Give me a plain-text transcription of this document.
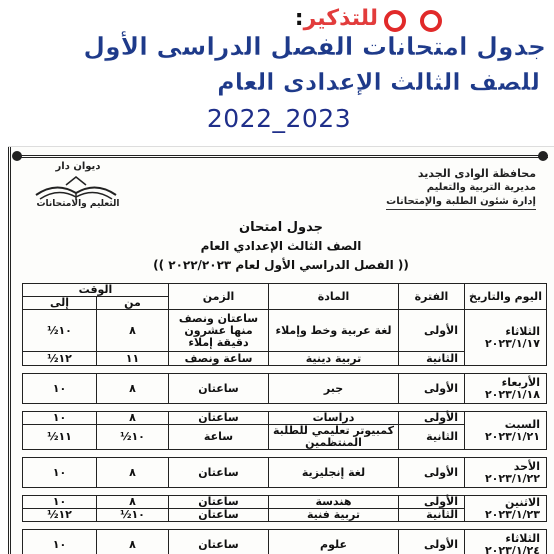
للتذكير:
جدول امتحانات الفصل الدراسى الأول
للصف الثالث الإعدادى العام
2022_2023
محافظة الوادى الجديد
مديرية التربية والتعليم
إدارة شئون الطلبة والإمتحانات
ديوان دار
التعليم والامتحانات
جدول امتحان
الصف الثالث الإعدادي العام
(( الفصل الدراسي الأول لعام ٢٠٢٢/٢٠٢٣ ))
اليوم والتاريخ	الفترة	المادة	الزمن	الوقت	
				من	إلى
الثلاثاء
٢٠٢٣/١/١٧	الأولى	لغة عربية وخط وإملاء	ساعتان ونصف منها عشرون دقيقة إملاء	٨	١٠½
	الثانية	تربية دينية	ساعة ونصف	١١	١٢½

الأربعاء
٢٠٢٣/١/١٨	الأولى	جبر	ساعتان	٨	١٠

السبت
٢٠٢٣/١/٢١	الأولى	دراسات	ساعتان	٨	١٠
	الثانية	كمبيوتر تعليمي للطلبة المنتظمين	ساعة	١٠½	١١½

الأحد
٢٠٢٣/١/٢٢	الأولى	لغة إنجليزية	ساعتان	٨	١٠

الاثنين
٢٠٢٣/١/٢٣	الأولى	هندسة	ساعتان	٨	١٠
	الثانية	تربية فنية	ساعتان	١٠½	١٢½

الثلاثاء
٢٠٢٣/١/٢٤	الأولى	علوم	ساعتان	٨	١٠
